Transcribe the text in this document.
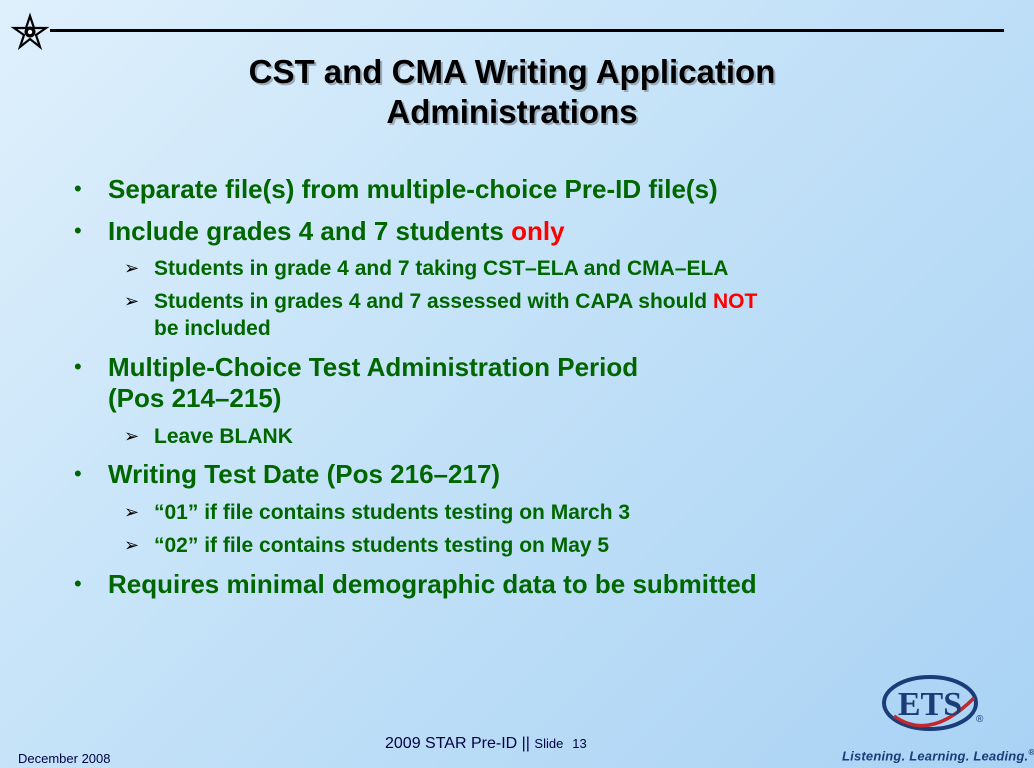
CST and CMA Writing Application
Administrations
• Separate file(s) from multiple-choice Pre-ID file(s)
• Include grades 4 and 7 students only
➢ Students in grade 4 and 7 taking CST–ELA and CMA–ELA
➢ Students in grades 4 and 7 assessed with CAPA should NOT
be included
• Multiple-Choice Test Administration Period
(Pos 214–215)
➢ Leave BLANK
• Writing Test Date (Pos 216–217)
➢ “01” if file contains students testing on March 3
➢ “02” if file contains students testing on May 5
• Requires minimal demographic data to be submitted
December 2008
2009 STAR Pre-ID || Slide 13
ETS ®
Listening. Learning. Leading.®
